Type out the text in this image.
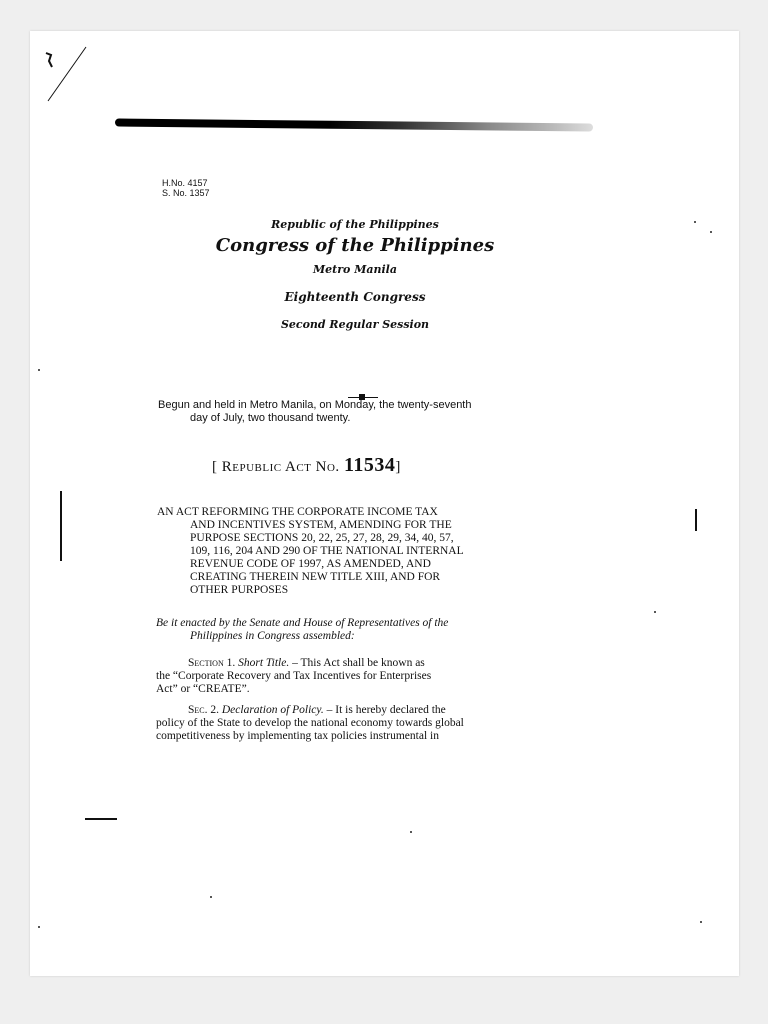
H.No. 4157
S. No. 1357
Republic of the Philippines
Congress of the Philippines
Metro Manila
Eighteenth Congress
Second Regular Session
Begun and held in Metro Manila, on Monday, the twenty-seventh
day of July, two thousand twenty.
[ Republic Act No. 11534]
AN ACT REFORMING THE CORPORATE INCOME TAX
AND INCENTIVES SYSTEM, AMENDING FOR THE
PURPOSE SECTIONS 20, 22, 25, 27, 28, 29, 34, 40, 57,
109, 116, 204 AND 290 OF THE NATIONAL INTERNAL
REVENUE CODE OF 1997, AS AMENDED, AND
CREATING THEREIN NEW TITLE XIII, AND FOR
OTHER PURPOSES
Be it enacted by the Senate and House of Representatives of the
Philippines in Congress assembled:
Section 1. Short Title. – This Act shall be known as
the “Corporate Recovery and Tax Incentives for Enterprises
Act” or “CREATE”.
Sec. 2. Declaration of Policy. – It is hereby declared the
policy of the State to develop the national economy towards global
competitiveness by implementing tax policies instrumental in
